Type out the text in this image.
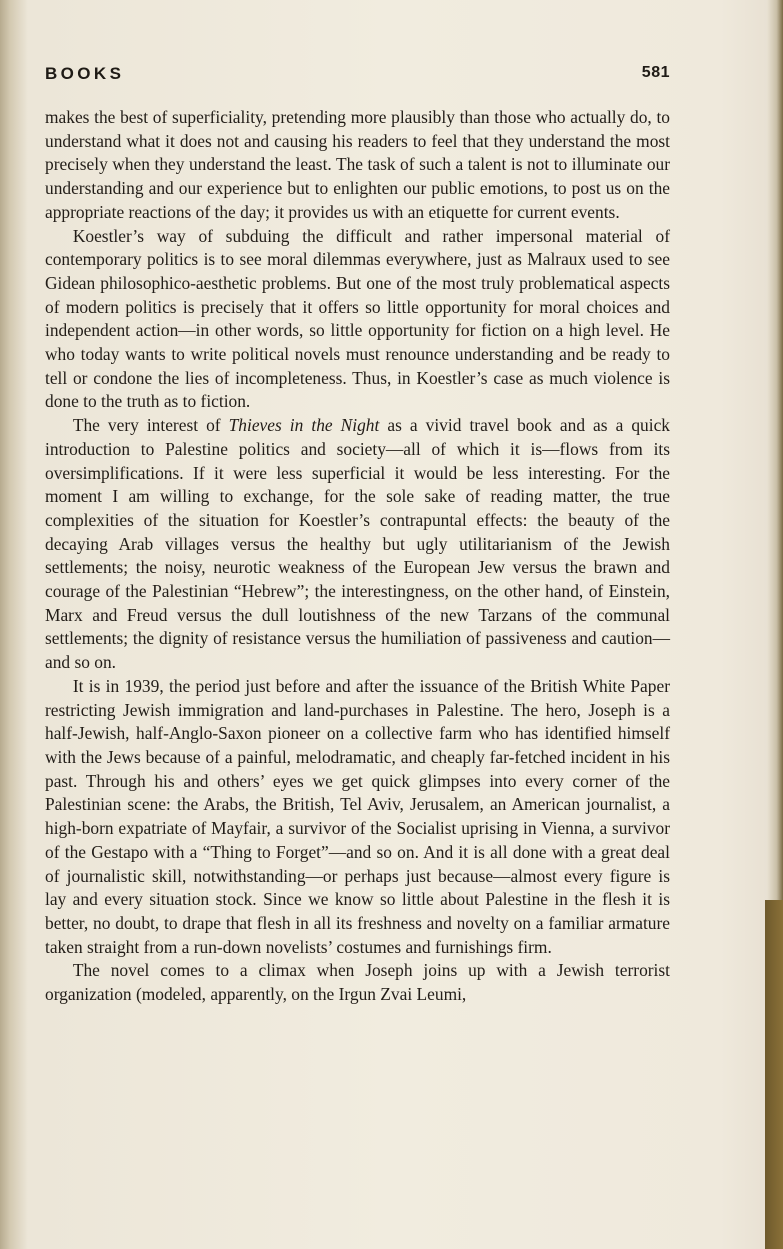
BOOKS	581

makes the best of superficiality, pretending more plausibly than those who actually do, to understand what it does not and causing his readers to feel that they understand the most precisely when they understand the least. The task of such a talent is not to illuminate our understanding and our experience but to enlighten our public emotions, to post us on the appropriate reactions of the day; it provides us with an etiquette for current events.

Koestler’s way of subduing the difficult and rather impersonal material of contemporary politics is to see moral dilemmas everywhere, just as Malraux used to see Gidean philosophico-aesthetic problems. But one of the most truly problematical aspects of modern politics is precisely that it offers so little opportunity for moral choices and independent action—in other words, so little opportunity for fiction on a high level. He who today wants to write political novels must renounce understanding and be ready to tell or condone the lies of incompleteness. Thus, in Koestler’s case as much violence is done to the truth as to fiction.

The very interest of Thieves in the Night as a vivid travel book and as a quick introduction to Palestine politics and society—all of which it is—flows from its oversimplifications. If it were less superficial it would be less interesting. For the moment I am willing to exchange, for the sole sake of reading matter, the true complexities of the situation for Koestler’s contrapuntal effects: the beauty of the decaying Arab villages versus the healthy but ugly utilitarianism of the Jewish settlements; the noisy, neurotic weakness of the European Jew versus the brawn and courage of the Palestinian “Hebrew”; the interestingness, on the other hand, of Einstein, Marx and Freud versus the dull loutishness of the new Tarzans of the communal settlements; the dignity of resistance versus the humiliation of passiveness and caution—and so on.

It is in 1939, the period just before and after the issuance of the British White Paper restricting Jewish immigration and land-purchases in Palestine. The hero, Joseph is a half-Jewish, half-Anglo-Saxon pioneer on a collective farm who has identified himself with the Jews because of a painful, melodramatic, and cheaply far-fetched incident in his past. Through his and others’ eyes we get quick glimpses into every corner of the Palestinian scene: the Arabs, the British, Tel Aviv, Jerusalem, an American journalist, a high-born expatriate of Mayfair, a survivor of the Socialist uprising in Vienna, a survivor of the Gestapo with a “Thing to Forget”—and so on. And it is all done with a great deal of journalistic skill, notwithstanding—or perhaps just because—almost every figure is lay and every situation stock. Since we know so little about Palestine in the flesh it is better, no doubt, to drape that flesh in all its freshness and novelty on a familiar armature taken straight from a run-down novelists’ costumes and furnishings firm.

The novel comes to a climax when Joseph joins up with a Jewish terrorist organization (modeled, apparently, on the Irgun Zvai Leumi,
